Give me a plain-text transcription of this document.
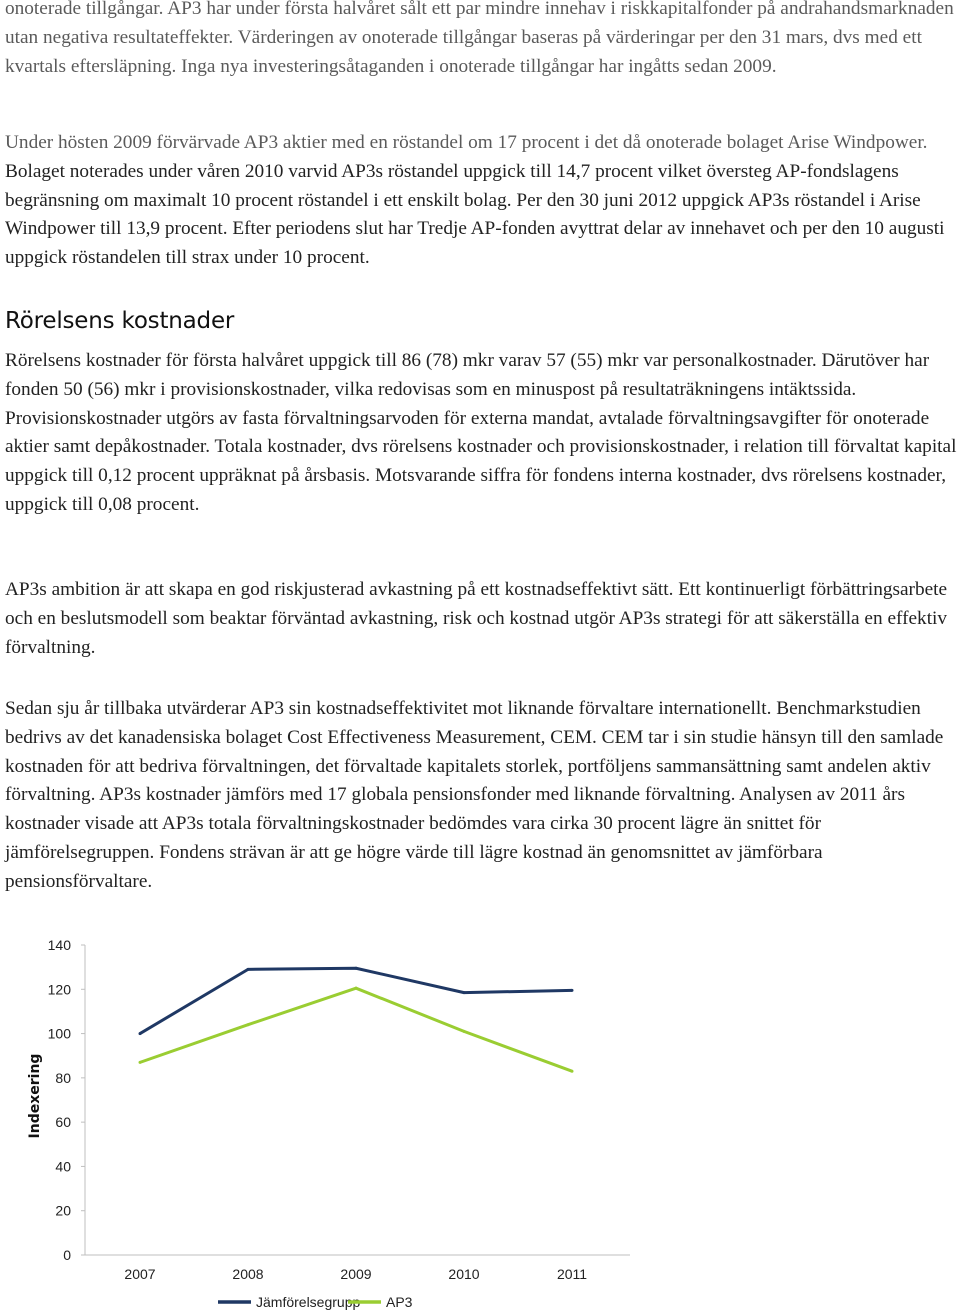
onoterade tillgångar. AP3 har under första halvåret sålt ett par mindre innehav i riskkapitalfonder på andrahandsmarknaden utan negativa resultateffekter. Värderingen av onoterade tillgångar baseras på värderingar per den 31 mars, dvs med ett kvartals eftersläpning. Inga nya investeringsåtaganden i onoterade tillgångar har ingåtts sedan 2009.

Under hösten 2009 förvärvade AP3 aktier med en röstandel om 17 procent i det då onoterade bolaget Arise Windpower. Bolaget noterades under våren 2010 varvid AP3s röstandel uppgick till 14,7 procent vilket översteg AP-fondslagens begränsning om maximalt 10 procent röstandel i ett enskilt bolag. Per den 30 juni 2012 uppgick AP3s röstandel i Arise Windpower till 13,9 procent. Efter periodens slut har Tredje AP-fonden avyttrat delar av innehavet och per den 10 augusti uppgick röstandelen till strax under 10 procent.

Rörelsens kostnader

Rörelsens kostnader för första halvåret uppgick till 86 (78) mkr varav 57 (55) mkr var personalkostnader. Därutöver har fonden 50 (56) mkr i provisionskostnader, vilka redovisas som en minuspost på resultaträkningens intäktssida. Provisionskostnader utgörs av fasta förvaltningsarvoden för externa mandat, avtalade förvaltningsavgifter för onoterade aktier samt depåkostnader. Totala kostnader, dvs rörelsens kostnader och provisionskostnader, i relation till förvaltat kapital uppgick till 0,12 procent uppräknat på årsbasis. Motsvarande siffra för fondens interna kostnader, dvs rörelsens kostnader, uppgick till 0,08 procent.

AP3s ambition är att skapa en god riskjusterad avkastning på ett kostnadseffektivt sätt. Ett kontinuerligt förbättringsarbete och en beslutsmodell som beaktar förväntad avkastning, risk och kostnad utgör AP3s strategi för att säkerställa en effektiv förvaltning.

Sedan sju år tillbaka utvärderar AP3 sin kostnadseffektivitet mot liknande förvaltare internationellt. Benchmarkstudien bedrivs av det kanadensiska bolaget Cost Effectiveness Measurement, CEM. CEM tar i sin studie hänsyn till den samlade kostnaden för att bedriva förvaltningen, det förvaltade kapitalets storlek, portföljens sammansättning samt andelen aktiv förvaltning. AP3s kostnader jämförs med 17 globala pensionsfonder med liknande förvaltning. Analysen av 2011 års kostnader visade att AP3s totala förvaltningskostnader bedömdes vara cirka 30 procent lägre än snittet för jämförelsegruppen. Fondens strävan är att ge högre värde till lägre kostnad än genomsnittet av jämförbara pensionsförvaltare.

0
20
40
60
80
100
120
140
2007	2008	2009	2010	2011
Indexering
Jämförelsegrupp AP3
